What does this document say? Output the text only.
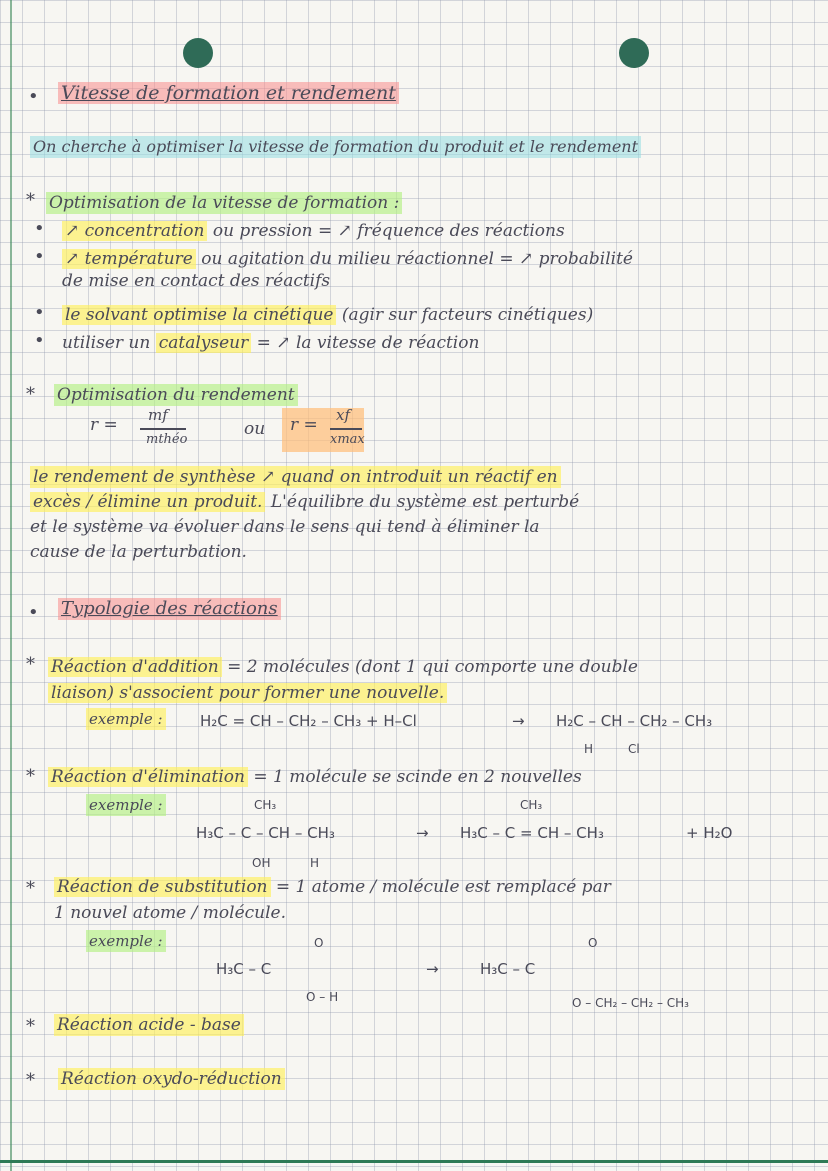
• Vitesse de formation et rendement
On cherche à optimiser la vitesse de formation du produit et le rendement
* Optimisation de la vitesse de formation :
• ↗ concentration ou pression = ↗ fréquence des réactions
• ↗ température ou agitation du milieu réactionnel = ↗ probabilité
de mise en contact des réactifs
• le solvant optimise la cinétique (agir sur facteurs cinétiques)
• utiliser un catalyseur = ↗ la vitesse de réaction
* Optimisation du rendement
r = mf
mthéo
ou r = xf
xmax
le rendement de synthèse ↗ quand on introduit un réactif en
excès / élimine un produit. L'équilibre du système est perturbé
et le système va évoluer dans le sens qui tend à éliminer la
cause de la perturbation.
• Typologie des réactions
* Réaction d'addition = 2 molécules (dont 1 qui comporte une double
liaison) s'associent pour former une nouvelle.
exemple : H₂C = CH – CH₂ – CH₃ + H–Cl	→ H₂C – CH – CH₂ – CH₃
H	Cl
* Réaction d'élimination = 1 molécule se scinde en 2 nouvelles
exemple :	CH₃
H₃C – C – CH – CH₃
OH	H
→
CH₃
H₃C – C = CH – CH₃	+ H₂O
* Réaction de substitution = 1 atome / molécule est remplacé par
1 nouvel atome / molécule.
exemple :	O
H₃C – C
O – H
→
O
H₃C – C
O – CH₂ – CH₂ – CH₃
* Réaction acide - base
* Réaction oxydo-réduction
